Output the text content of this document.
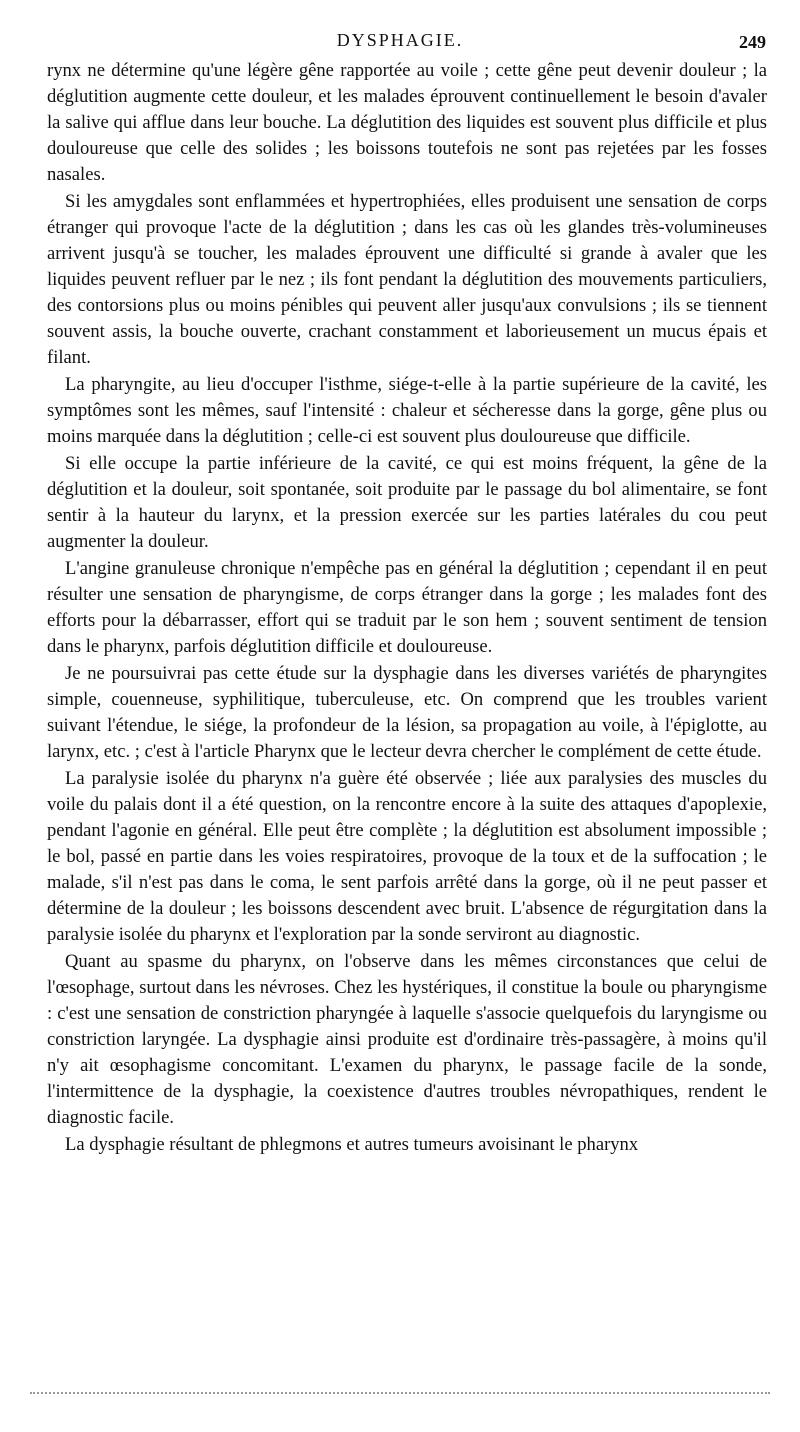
DYSPHAGIE.	249

rynx ne détermine qu'une légère gêne rapportée au voile ; cette gêne peut devenir douleur ; la déglutition augmente cette douleur, et les malades éprouvent continuellement le besoin d'avaler la salive qui afflue dans leur bouche. La déglutition des liquides est souvent plus difficile et plus douloureuse que celle des solides ; les boissons toutefois ne sont pas rejetées par les fosses nasales.

Si les amygdales sont enflammées et hypertrophiées, elles produisent une sensation de corps étranger qui provoque l'acte de la déglutition ; dans les cas où les glandes très-volumineuses arrivent jusqu'à se toucher, les malades éprouvent une difficulté si grande à avaler que les liquides peuvent refluer par le nez ; ils font pendant la déglutition des mouvements particuliers, des contorsions plus ou moins pénibles qui peuvent aller jusqu'aux convulsions ; ils se tiennent souvent assis, la bouche ouverte, crachant constamment et laborieusement un mucus épais et filant.

La pharyngite, au lieu d'occuper l'isthme, siége-t-elle à la partie supérieure de la cavité, les symptômes sont les mêmes, sauf l'intensité : chaleur et sécheresse dans la gorge, gêne plus ou moins marquée dans la déglutition ; celle-ci est souvent plus douloureuse que difficile.

Si elle occupe la partie inférieure de la cavité, ce qui est moins fréquent, la gêne de la déglutition et la douleur, soit spontanée, soit produite par le passage du bol alimentaire, se font sentir à la hauteur du larynx, et la pression exercée sur les parties latérales du cou peut augmenter la douleur.

L'angine granuleuse chronique n'empêche pas en général la déglutition ; cependant il en peut résulter une sensation de pharyngisme, de corps étranger dans la gorge ; les malades font des efforts pour la débarrasser, effort qui se traduit par le son hem ; souvent sentiment de tension dans le pharynx, parfois déglutition difficile et douloureuse.

Je ne poursuivrai pas cette étude sur la dysphagie dans les diverses variétés de pharyngites simple, couenneuse, syphilitique, tuberculeuse, etc. On comprend que les troubles varient suivant l'étendue, le siége, la profondeur de la lésion, sa propagation au voile, à l'épiglotte, au larynx, etc. ; c'est à l'article Pharynx que le lecteur devra chercher le complément de cette étude.

La paralysie isolée du pharynx n'a guère été observée ; liée aux paralysies des muscles du voile du palais dont il a été question, on la rencontre encore à la suite des attaques d'apoplexie, pendant l'agonie en général. Elle peut être complète ; la déglutition est absolument impossible ; le bol, passé en partie dans les voies respiratoires, provoque de la toux et de la suffocation ; le malade, s'il n'est pas dans le coma, le sent parfois arrêté dans la gorge, où il ne peut passer et détermine de la douleur ; les boissons descendent avec bruit. L'absence de régurgitation dans la paralysie isolée du pharynx et l'exploration par la sonde serviront au diagnostic.

Quant au spasme du pharynx, on l'observe dans les mêmes circonstances que celui de l'œsophage, surtout dans les névroses. Chez les hystériques, il constitue la boule ou pharyngisme : c'est une sensation de constriction pharyngée à laquelle s'associe quelquefois du laryngisme ou constriction laryngée. La dysphagie ainsi produite est d'ordinaire très-passagère, à moins qu'il n'y ait œsophagisme concomitant. L'examen du pharynx, le passage facile de la sonde, l'intermittence de la dysphagie, la coexistence d'autres troubles névropathiques, rendent le diagnostic facile.

La dysphagie résultant de phlegmons et autres tumeurs avoisinant le pharynx
